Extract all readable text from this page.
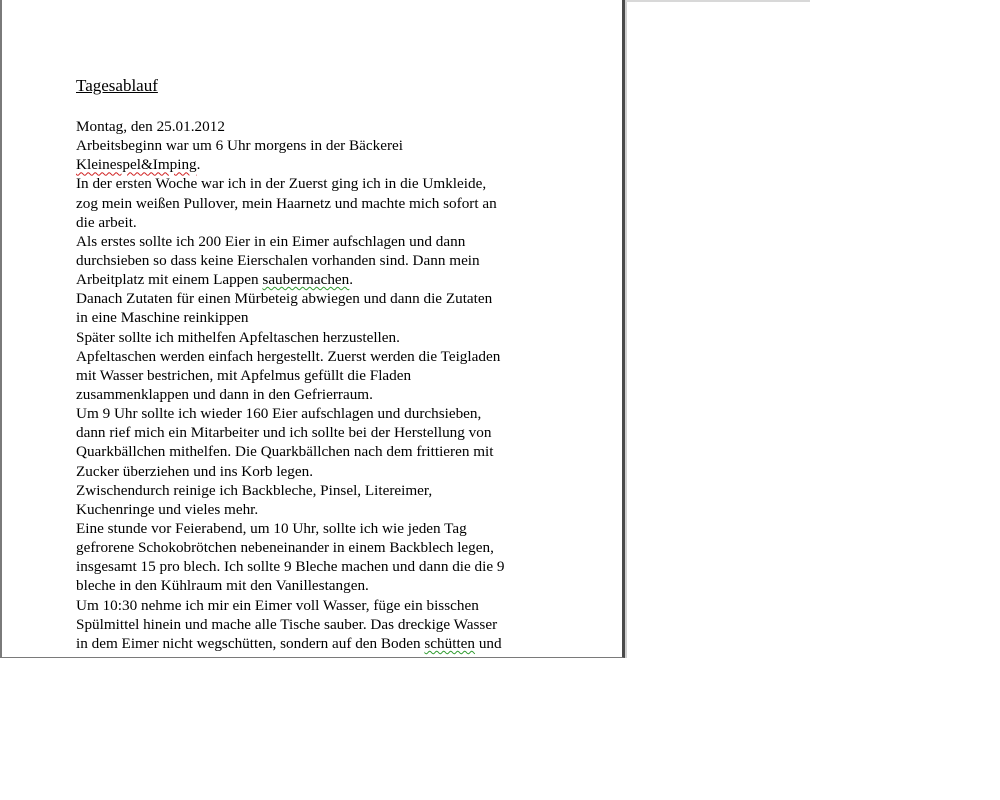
Tagesablauf
Montag, den 25.01.2012
Arbeitsbeginn war um 6 Uhr morgens in der Bäckerei
Kleinespel&Imping.
In der ersten Woche war ich in der Zuerst ging ich in die Umkleide,
zog mein weißen Pullover, mein Haarnetz und machte mich sofort an
die arbeit.
Als erstes sollte ich 200 Eier in ein Eimer aufschlagen und dann
durchsieben so dass keine Eierschalen vorhanden sind. Dann mein
Arbeitplatz mit einem Lappen saubermachen.
Danach Zutaten für einen Mürbeteig abwiegen und dann die Zutaten
in eine Maschine reinkippen
Später sollte ich mithelfen Apfeltaschen herzustellen.
Apfeltaschen werden einfach hergestellt. Zuerst werden die Teigladen
mit Wasser bestrichen, mit Apfelmus gefüllt die Fladen
zusammenklappen und dann in den Gefrierraum.
Um 9 Uhr sollte ich wieder 160 Eier aufschlagen und durchsieben,
dann rief mich ein Mitarbeiter und ich sollte bei der Herstellung von
Quarkbällchen mithelfen. Die Quarkbällchen nach dem frittieren mit
Zucker überziehen und ins Korb legen.
Zwischendurch reinige ich Backbleche, Pinsel, Litereimer,
Kuchenringe und vieles mehr.
Eine stunde vor Feierabend, um 10 Uhr, sollte ich wie jeden Tag
gefrorene Schokobrötchen nebeneinander in einem Backblech legen,
insgesamt 15 pro blech. Ich sollte 9 Bleche machen und dann die die 9
bleche in den Kühlraum mit den Vanillestangen.
Um 10:30 nehme ich mir ein Eimer voll Wasser, füge ein bisschen
Spülmittel hinein und mache alle Tische sauber. Das dreckige Wasser
in dem Eimer nicht wegschütten, sondern auf den Boden schütten und
